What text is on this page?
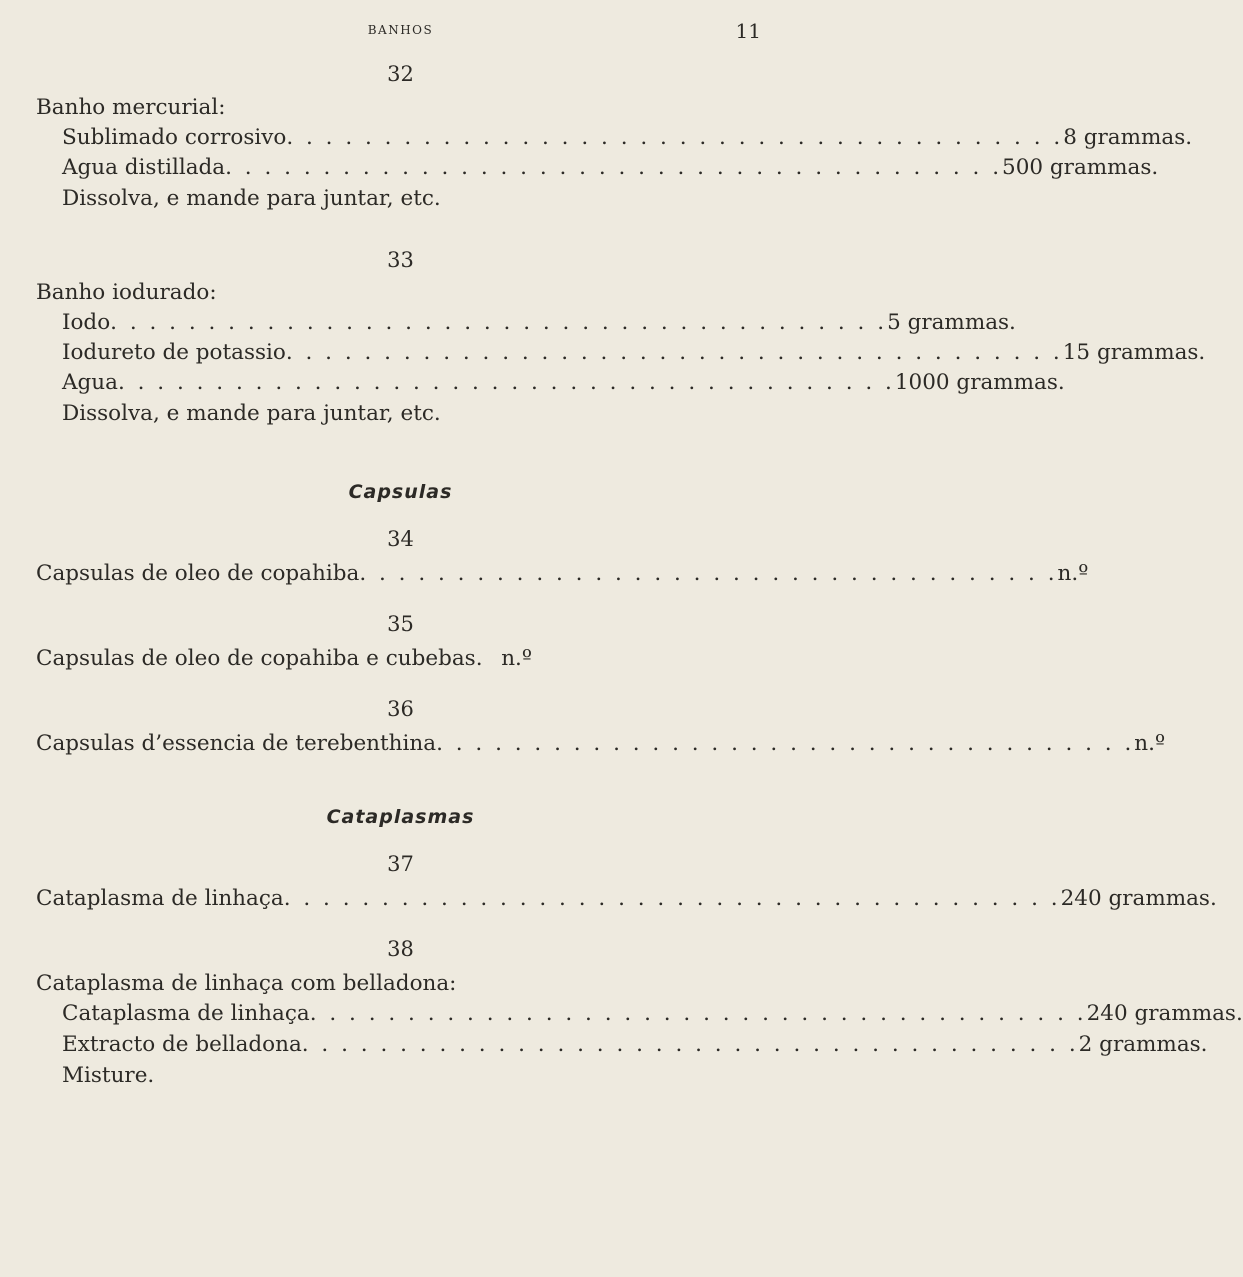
BANHOS	11
32
Banho mercurial:
Sublimado corrosivo . . . . . . . . . . . . . . . . . . . . . . . . . . . . . . . . . . . . . . . . 8 grammas.
Agua distillada . . . . . . . . . . . . . . . . . . . . . . . . . . . . . . . . . . . . . . . . 500 grammas.
Dissolva, e mande para juntar, etc.
33
Banho iodurado:
Iodo . . . . . . . . . . . . . . . . . . . . . . . . . . . . . . . . . . . . . . . . 5 grammas.
Iodureto de potassio . . . . . . . . . . . . . . . . . . . . . . . . . . . . . . . . . . . . . . . . 15 grammas.
Agua . . . . . . . . . . . . . . . . . . . . . . . . . . . . . . . . . . . . . . . . 1000 grammas.
Dissolva, e mande para juntar, etc.
Capsulas
34
Capsulas de oleo de copahiba . . . . . . . . . . . . . . . . . . . . . . . . . . . . . . . . . . . . n.º
35
Capsulas de oleo de copahiba e cubebas. n.º
36
Capsulas d’essencia de terebenthina . . . . . . . . . . . . . . . . . . . . . . . . . . . . . . . . . . . . n.º
Cataplasmas
37
Cataplasma de linhaça . . . . . . . . . . . . . . . . . . . . . . . . . . . . . . . . . . . . . . . . 240 grammas.
38
Cataplasma de linhaça com belladona:
Cataplasma de linhaça . . . . . . . . . . . . . . . . . . . . . . . . . . . . . . . . . . . . . . . . 240 grammas.
Extracto de belladona . . . . . . . . . . . . . . . . . . . . . . . . . . . . . . . . . . . . . . . . 2 grammas.
Misture.
